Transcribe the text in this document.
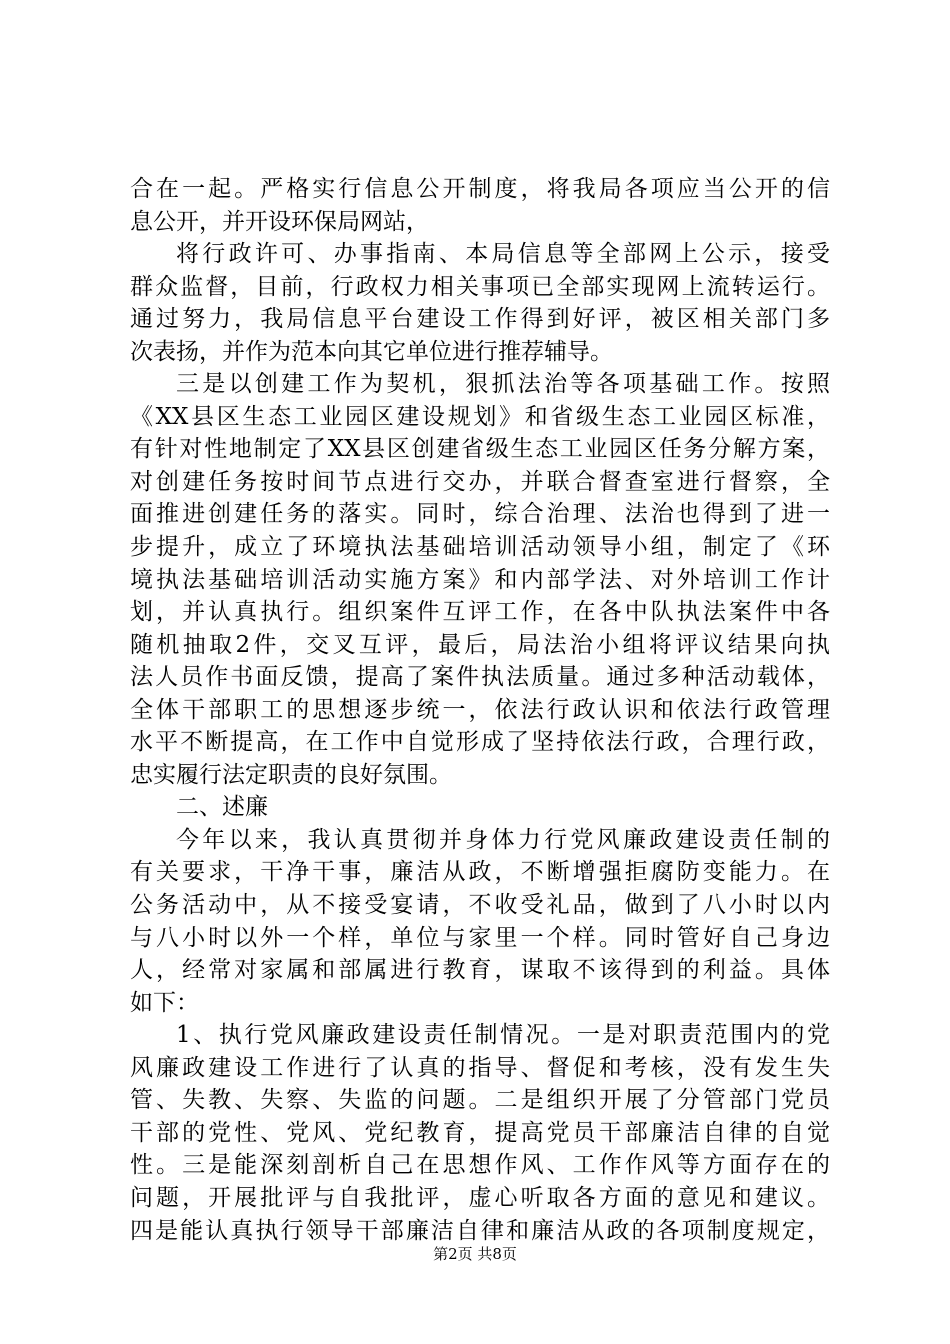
合在一起。严格实行信息公开制度，将我局各项应当公开的信
息公开，并开设环保局网站，
将行政许可、办事指南、本局信息等全部网上公示，接受
群众监督，目前，行政权力相关事项已全部实现网上流转运行。
通过努力，我局信息平台建设工作得到好评，被区相关部门多
次表扬，并作为范本向其它单位进行推荐辅导。
三是以创建工作为契机，狠抓法治等各项基础工作。按照
《XX县区生态工业园区建设规划》和省级生态工业园区标准，
有针对性地制定了XX县区创建省级生态工业园区任务分解方案，
对创建任务按时间节点进行交办，并联合督查室进行督察，全
面推进创建任务的落实。同时，综合治理、法治也得到了进一
步提升，成立了环境执法基础培训活动领导小组，制定了《环
境执法基础培训活动实施方案》和内部学法、对外培训工作计
划，并认真执行。组织案件互评工作，在各中队执法案件中各
随机抽取2件，交叉互评，最后，局法治小组将评议结果向执
法人员作书面反馈，提高了案件执法质量。通过多种活动载体，
全体干部职工的思想逐步统一，依法行政认识和依法行政管理
水平不断提高，在工作中自觉形成了坚持依法行政，合理行政，
忠实履行法定职责的良好氛围。
二、述廉
今年以来，我认真贯彻并身体力行党风廉政建设责任制的
有关要求，干净干事，廉洁从政，不断增强拒腐防变能力。在
公务活动中，从不接受宴请，不收受礼品，做到了八小时以内
与八小时以外一个样，单位与家里一个样。同时管好自己身边
人，经常对家属和部属进行教育，谋取不该得到的利益。具体
如下：
1、执行党风廉政建设责任制情况。一是对职责范围内的党
风廉政建设工作进行了认真的指导、督促和考核，没有发生失
管、失教、失察、失监的问题。二是组织开展了分管部门党员
干部的党性、党风、党纪教育，提高党员干部廉洁自律的自觉
性。三是能深刻剖析自己在思想作风、工作作风等方面存在的
问题，开展批评与自我批评，虚心听取各方面的意见和建议。
四是能认真执行领导干部廉洁自律和廉洁从政的各项制度规定，
第2页 共8页
